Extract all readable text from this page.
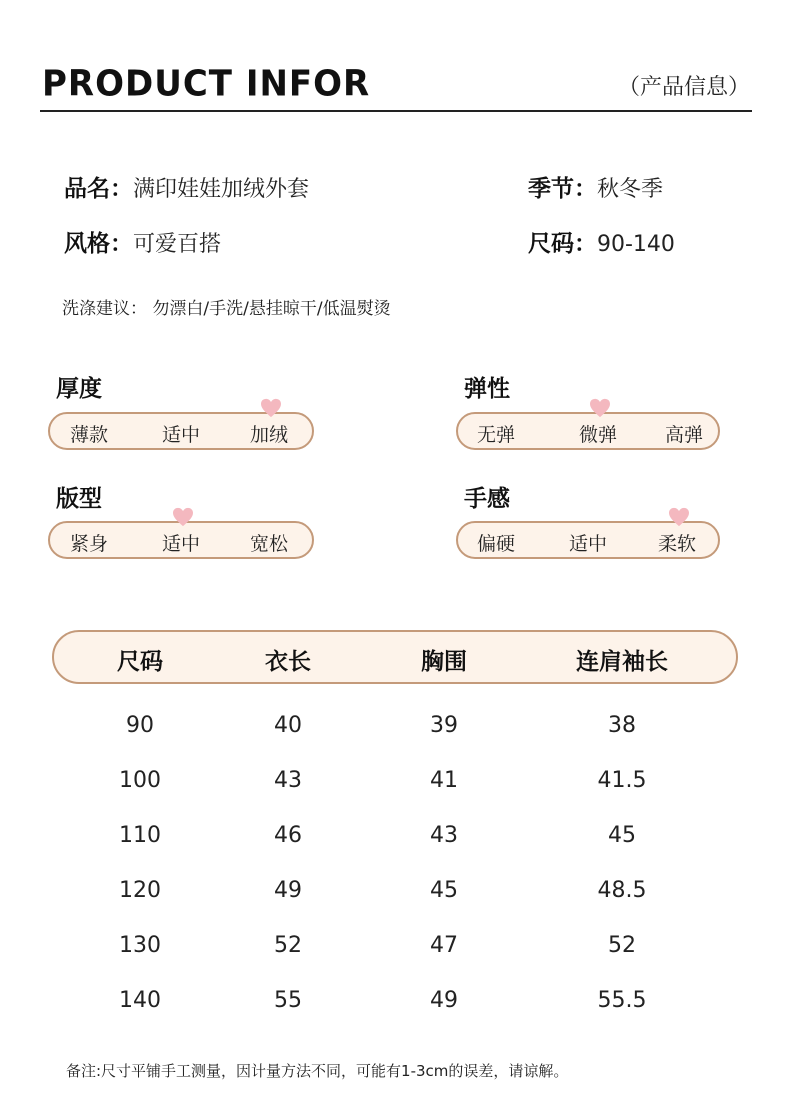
PRODUCT INFOR	（产品信息）
品名：满印娃娃加绒外套	季节：秋冬季
风格：可爱百搭	尺码：90-140
洗涤建议： 勿漂白/手洗/悬挂晾干/低温熨烫
厚度
薄款	适中	加绒
弹性
无弹	微弹	高弹
版型
紧身	适中	宽松
手感
偏硬	适中	柔软
尺码	衣长	胸围	连肩袖长
90	40	39	38
100	43	41	41.5
110	46	43	45
120	49	45	48.5
130	52	47	52
140	55	49	55.5
备注:尺寸平铺手工测量，因计量方法不同，可能有1-3cm的误差，请谅解。
